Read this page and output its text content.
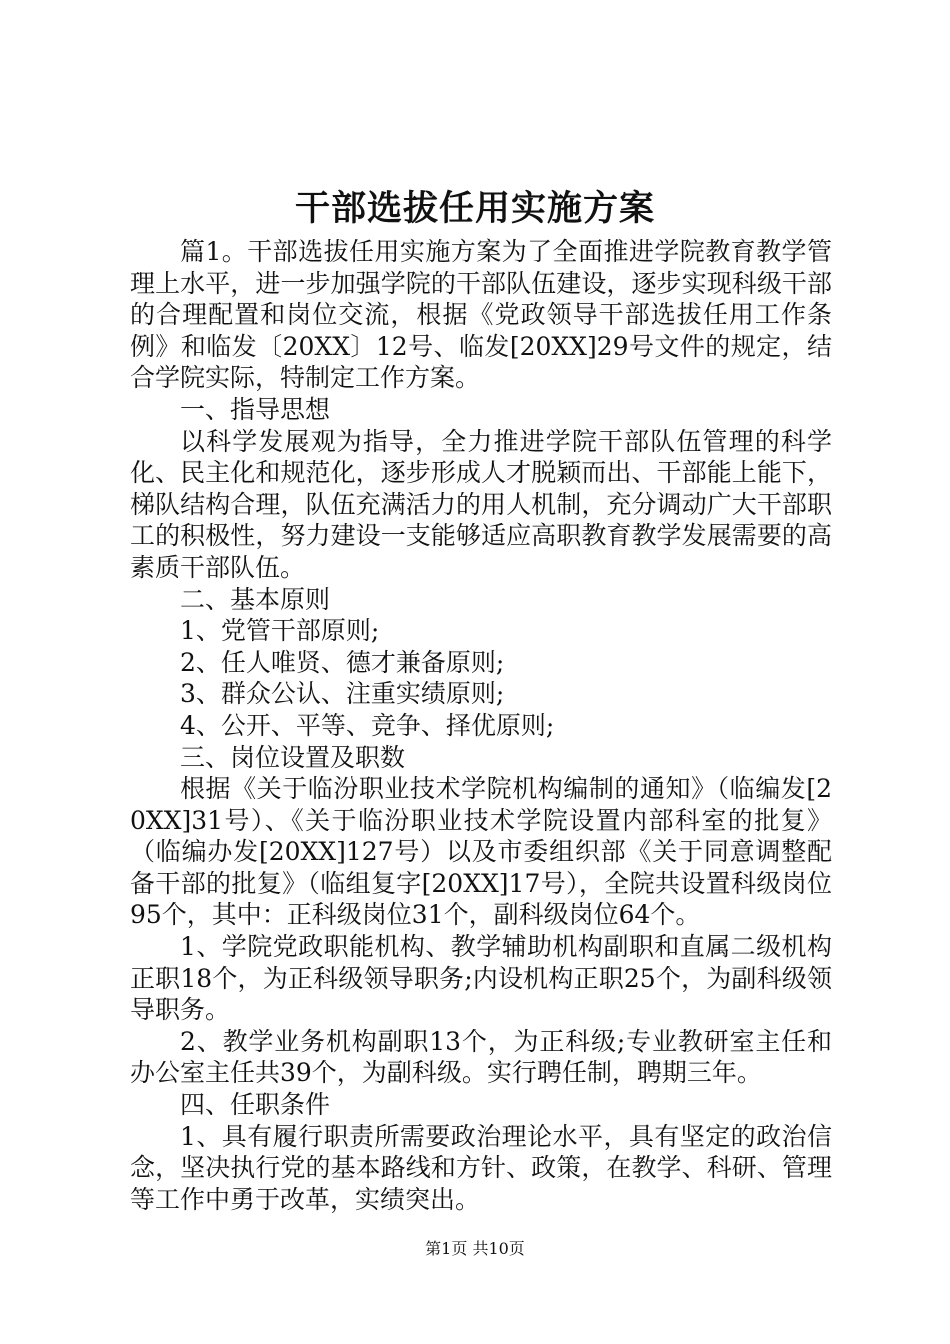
干部选拔任用实施方案

篇1。干部选拔任用实施方案为了全面推进学院教育教学管理上水平，进一步加强学院的干部队伍建设，逐步实现科级干部的合理配置和岗位交流，根据《党政领导干部选拔任用工作条例》和临发〔20XX〕12号、临发[20XX]29号文件的规定，结合学院实际，特制定工作方案。

一、指导思想

以科学发展观为指导，全力推进学院干部队伍管理的科学化、民主化和规范化，逐步形成人才脱颖而出、干部能上能下，梯队结构合理，队伍充满活力的用人机制，充分调动广大干部职工的积极性，努力建设一支能够适应高职教育教学发展需要的高素质干部队伍。

二、基本原则

1、党管干部原则;

2、任人唯贤、德才兼备原则;

3、群众公认、注重实绩原则;

4、公开、平等、竞争、择优原则;

三、岗位设置及职数

根据《关于临汾职业技术学院机构编制的通知》（临编发[20XX]31号）、《关于临汾职业技术学院设置内部科室的批复》（临编办发[20XX]127号）以及市委组织部《关于同意调整配备干部的批复》（临组复字[20XX]17号），全院共设置科级岗位95个，其中：正科级岗位31个，副科级岗位64个。

1、学院党政职能机构、教学辅助机构副职和直属二级机构正职18个，为正科级领导职务;内设机构正职25个，为副科级领导职务。

2、教学业务机构副职13个，为正科级;专业教研室主任和办公室主任共39个，为副科级。实行聘任制，聘期三年。

四、任职条件

1、具有履行职责所需要政治理论水平，具有坚定的政治信念，坚决执行党的基本路线和方针、政策，在教学、科研、管理等工作中勇于改革，实绩突出。

第1页 共10页
